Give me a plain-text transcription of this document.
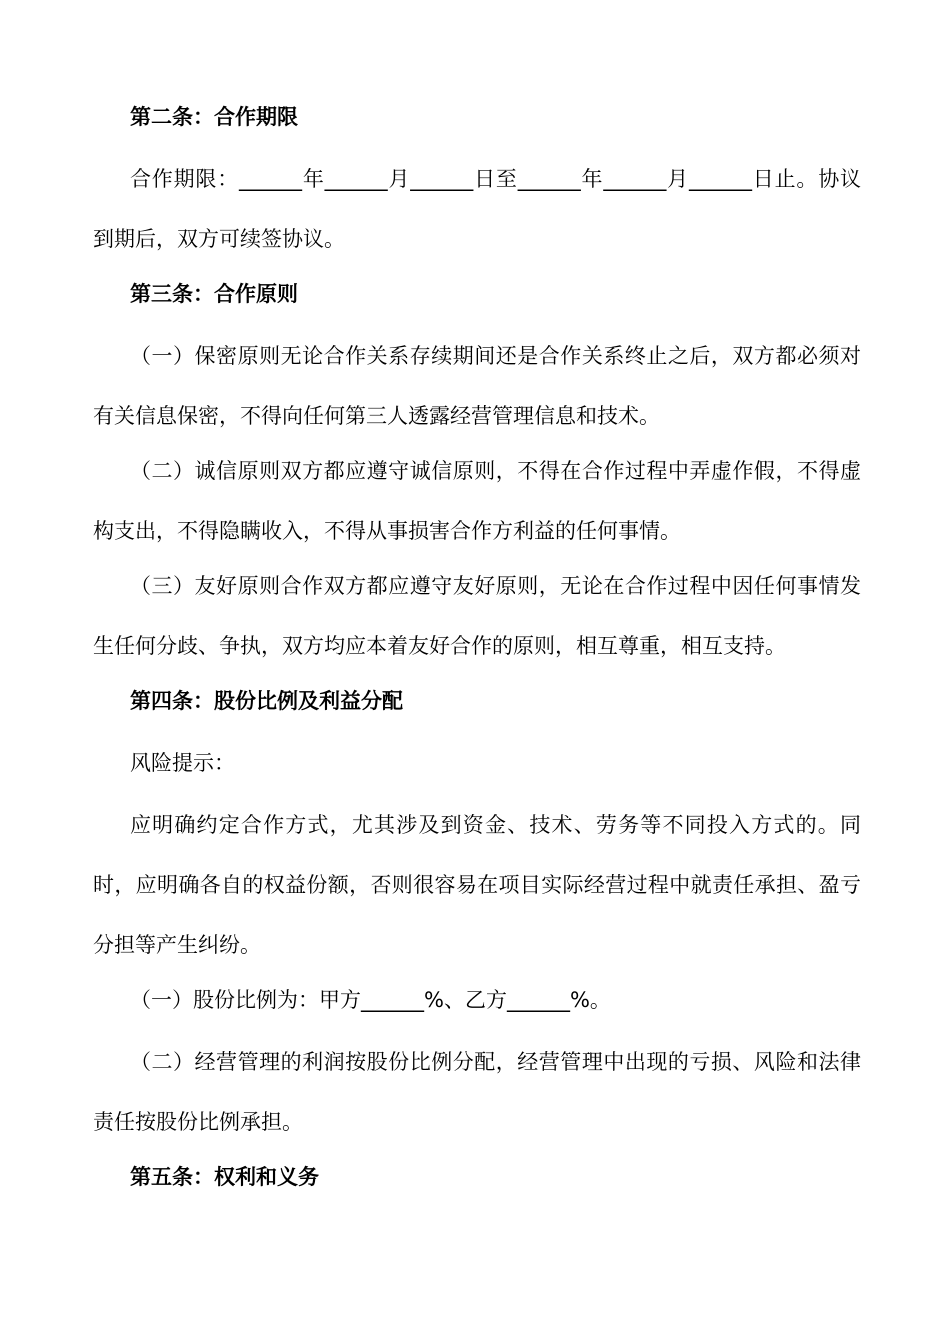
第二条：合作期限

合作期限：______年______月______日至______年______月______日止。协议到期后，双方可续签协议。

第三条：合作原则

（一）保密原则无论合作关系存续期间还是合作关系终止之后，双方都必须对有关信息保密，不得向任何第三人透露经营管理信息和技术。

（二）诚信原则双方都应遵守诚信原则，不得在合作过程中弄虚作假，不得虚构支出，不得隐瞒收入，不得从事损害合作方利益的任何事情。

（三）友好原则合作双方都应遵守友好原则，无论在合作过程中因任何事情发生任何分歧、争执，双方均应本着友好合作的原则，相互尊重，相互支持。

第四条：股份比例及利益分配

风险提示：

应明确约定合作方式，尤其涉及到资金、技术、劳务等不同投入方式的。同时，应明确各自的权益份额，否则很容易在项目实际经营过程中就责任承担、盈亏分担等产生纠纷。

（一）股份比例为：甲方______%、乙方______%。

（二）经营管理的利润按股份比例分配，经营管理中出现的亏损、风险和法律责任按股份比例承担。

第五条：权利和义务
